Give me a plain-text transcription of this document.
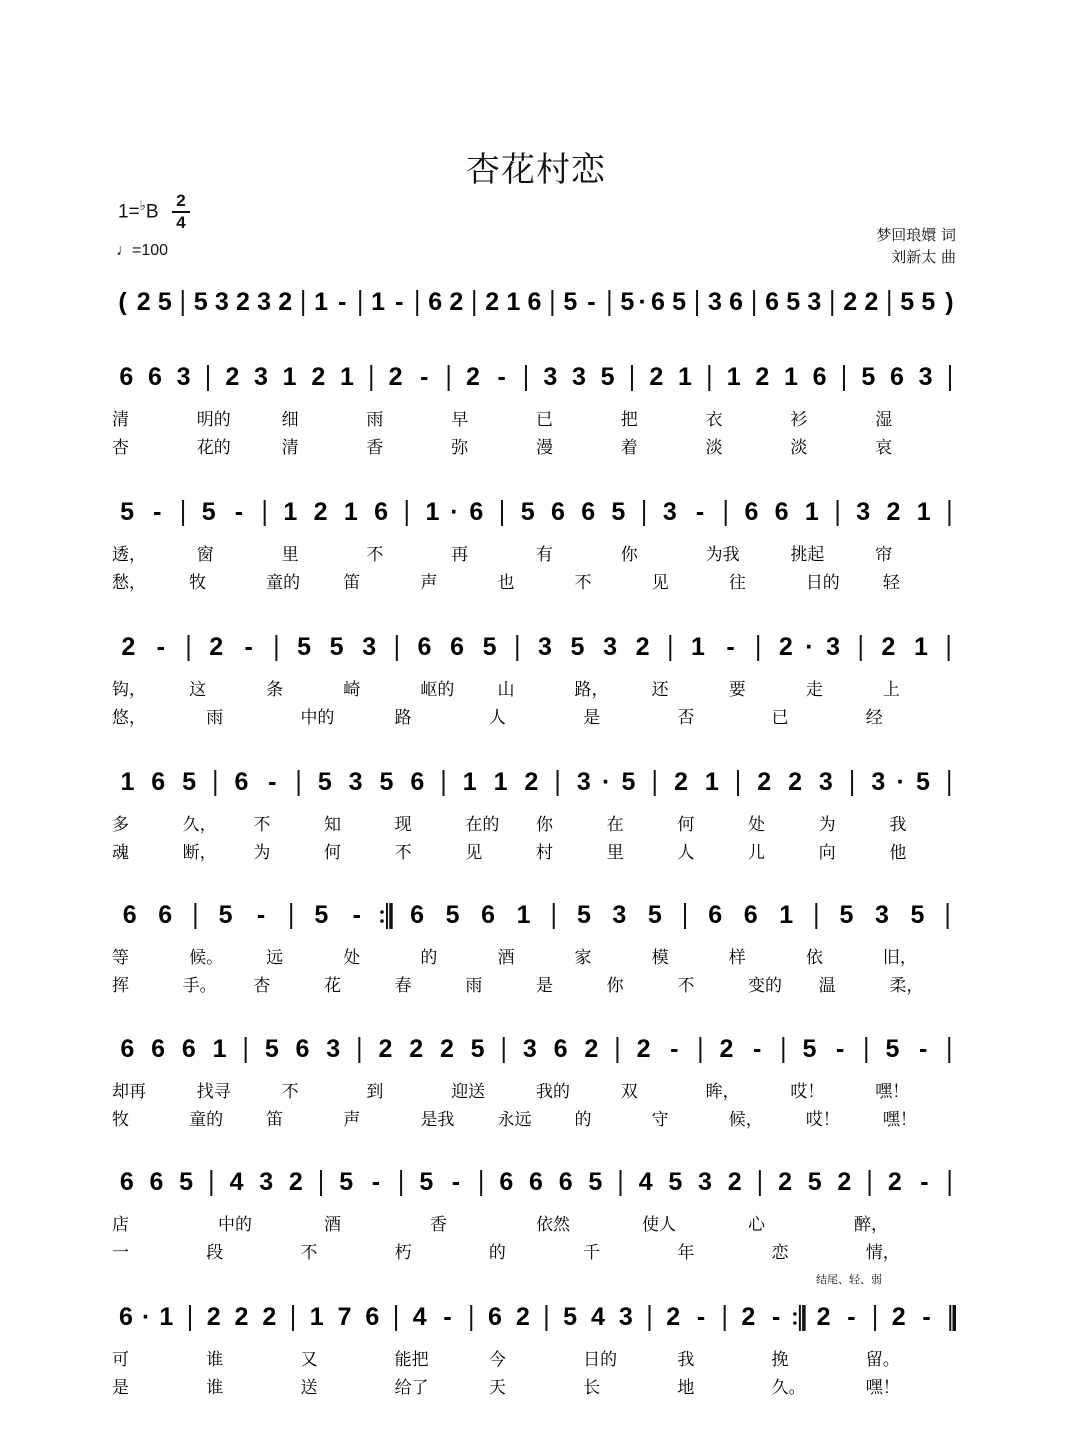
杏花村恋
1=♭B
2
4
♩=100
梦回琅嬛 词
刘新太 曲
结尾、轻、弱
( 2 5 5 3 2 3 2 1 - 1 - 6 2 2 1 6 5 - 5 · 6 5 3 6 6 5 3 2 2 5 5 )
6 6 3 2 3 1 2 1 2 - 2 - 3 3 5 2 1 1 2 1 6 5 6 3
清	明的	细	雨	早	已	把	衣	衫	湿
杏	花的	清	香	弥	漫	着	淡	淡	哀
5 - 5 - 1 2 1 6 1 · 6 5 6 6 5 3 - 6 6 1 3 2 1
透，	窗	里	不	再	有	你	为我	挑起	帘
愁，	牧	童的	笛	声	也	不	见	往	日的	轻
2 - 2 - 5 5 3 6 6 5 3 5 3 2 1 - 2 · 3 2 1
钩，	这	条	崎	岖的	山	路，	还	要	走	上
悠，	雨	中的	路	人	是	否	已	经
1 6 5 6 - 5 3 5 6 1 1 2 3 · 5 2 1 2 2 3 3 · 5
多	久， 不	知	现	在的 你	在	何	处	为	我
魂	断， 为	何	不	见	村	里	人	儿	向	他
6 6 5 - 5 - 6 5 6 1 5 3 5 6 6 1 5 3 5
等	候。	远	处	的	酒	家	模	样	依	旧，
挥	手。 杏	花	春	雨	是	你	不	变的 温	柔，
6 6 6 1 5 6 3 2 2 2 5 3 6 2 2 - 2 - 5 - 5 -
却再	找寻	不	到	迎送	我的	双	眸，	哎！	嘿！
牧	童的	笛	声	是我	永远	的	守	候，	哎！	嘿！
6 6 5 4 3 2 5 - 5 - 6 6 6 5 4 5 3 2 2 5 2 2 -
店	中的	酒	香	依然	使人	心	醉，
一	段	不	朽	的	千	年	恋	情，
6 · 1 2 2 2 1 7 6 4 - 6 2 5 4 3 2 - 2 - 2 - 2 -
可	谁	又	能把	今	日的	我	挽	留。
是	谁	送	给了	天	长	地	久。	嘿！
